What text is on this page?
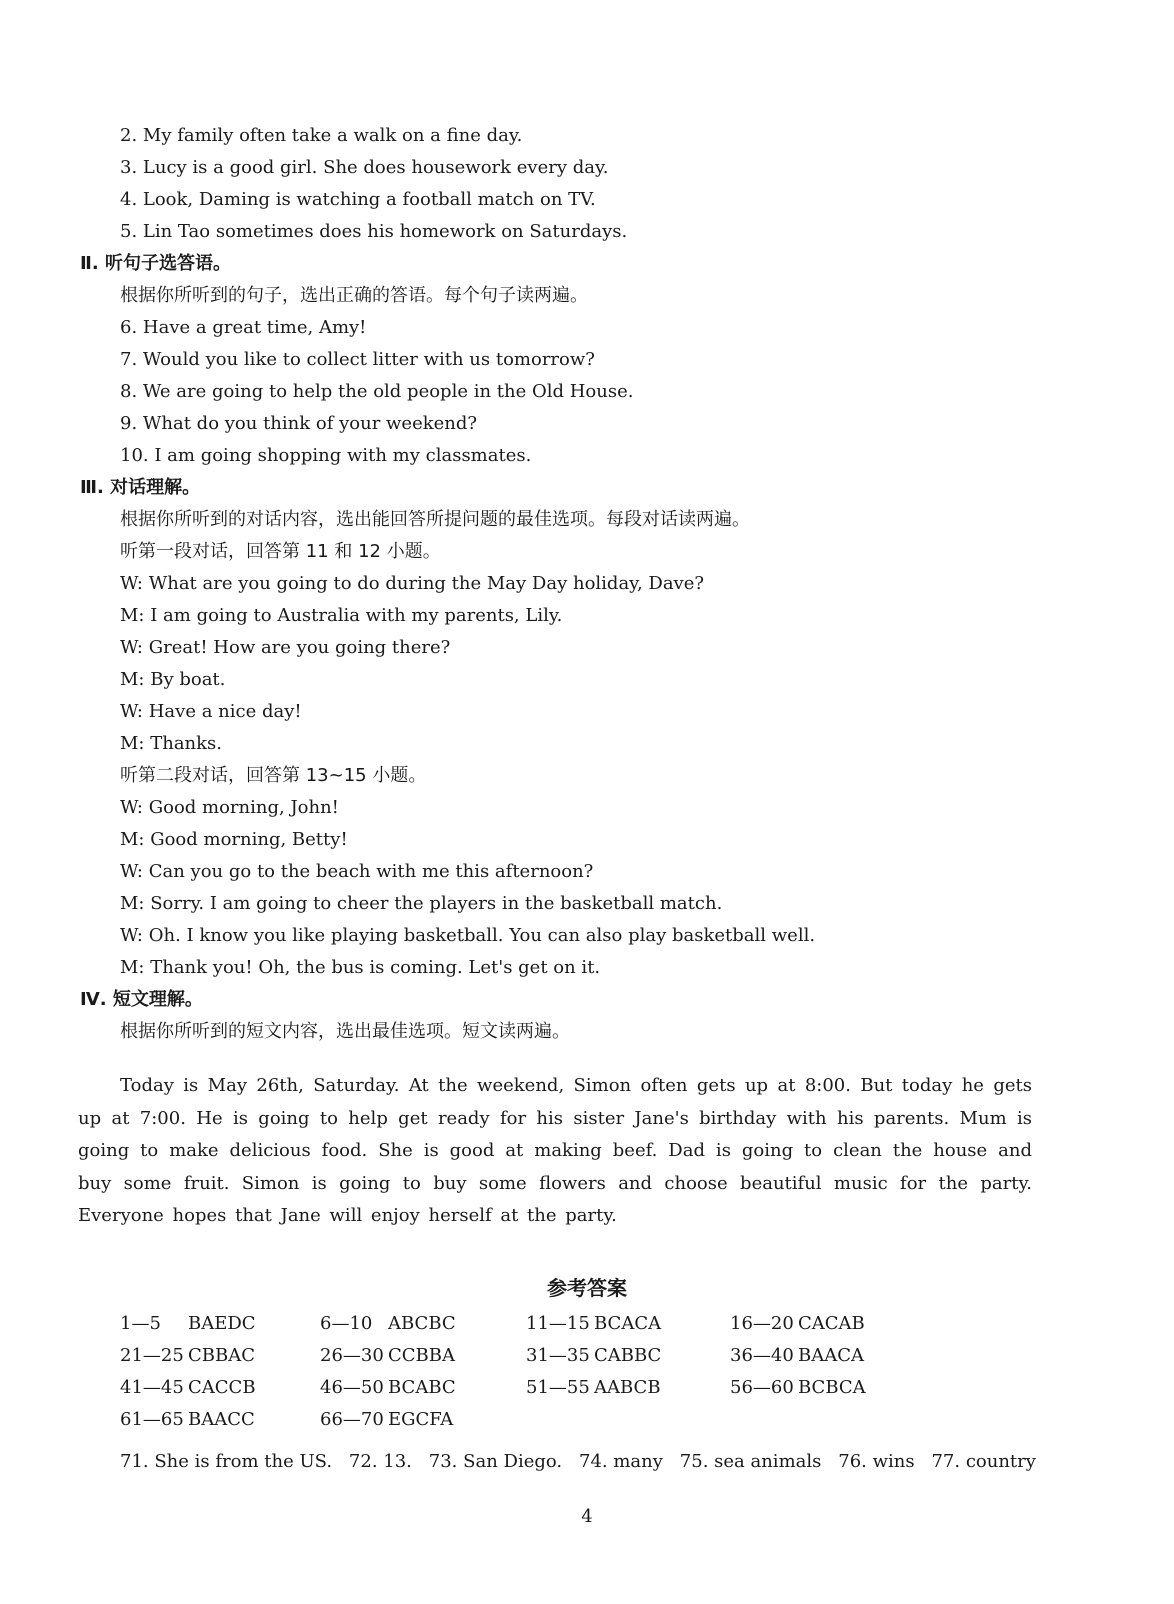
2. My family often take a walk on a fine day.
3. Lucy is a good girl. She does housework every day.
4. Look, Daming is watching a football match on TV.
5. Lin Tao sometimes does his homework on Saturdays.
Ⅱ. 听句子选答语。
根据你所听到的句子，选出正确的答语。每个句子读两遍。
6. Have a great time, Amy!
7. Would you like to collect litter with us tomorrow?
8. We are going to help the old people in the Old House.
9. What do you think of your weekend?
10. I am going shopping with my classmates.
Ⅲ. 对话理解。
根据你所听到的对话内容，选出能回答所提问题的最佳选项。每段对话读两遍。
听第一段对话，回答第 11 和 12 小题。
W: What are you going to do during the May Day holiday, Dave?
M: I am going to Australia with my parents, Lily.
W: Great! How are you going there?
M: By boat.
W: Have a nice day!
M: Thanks.
听第二段对话，回答第 13~15 小题。
W: Good morning, John!
M: Good morning, Betty!
W: Can you go to the beach with me this afternoon?
M: Sorry. I am going to cheer the players in the basketball match.
W: Oh. I know you like playing basketball. You can also play basketball well.
M: Thank you! Oh, the bus is coming. Let's get on it.
Ⅳ. 短文理解。
根据你所听到的短文内容，选出最佳选项。短文读两遍。
Today is May 26th, Saturday. At the weekend, Simon often gets up at 8:00. But today he gets up at 7:00. He is going to help get ready for his sister Jane's birthday with his parents. Mum is going to make delicious food. She is good at making beef. Dad is going to clean the house and buy some fruit. Simon is going to buy some flowers and choose beautiful music for the party. Everyone hopes that Jane will enjoy herself at the party.
参考答案
1—5 BAEDC	6—10 ABCBC	11—15 BCACA	16—20 CACAB
21—25 CBBAC	26—30 CCBBA	31—35 CABBC	36—40 BAACA
41—45 CACCB	46—50 BCABC	51—55 AABCB	56—60 BCBCA
61—65 BAACC	66—70 EGCFA
71. She is from the US. 72. 13. 73. San Diego. 74. many 75. sea animals 76. wins 77. country
4
